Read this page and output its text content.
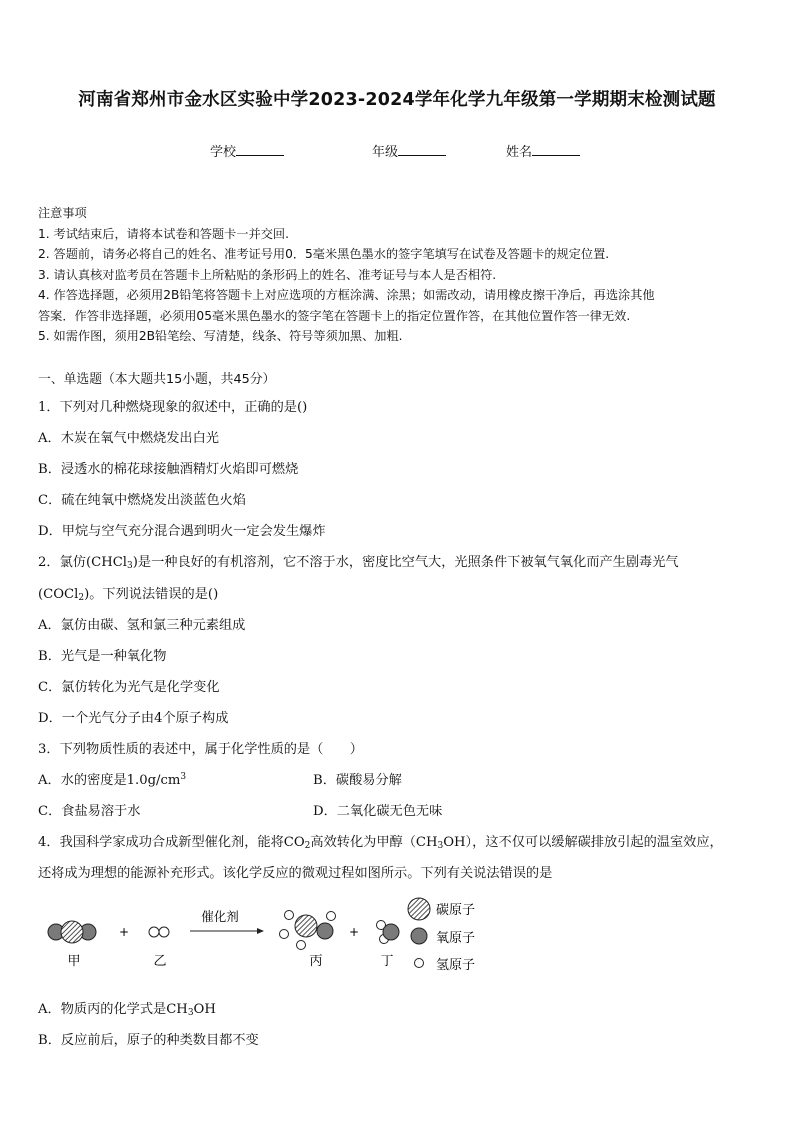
河南省郑州市金水区实验中学2023-2024学年化学九年级第一学期期末检测试题
学校	年级	姓名
注意事项
1. 考试结束后，请将本试卷和答题卡一并交回.
2. 答题前，请务必将自己的姓名、准考证号用0．5毫米黑色墨水的签字笔填写在试卷及答题卡的规定位置.
3. 请认真核对监考员在答题卡上所粘贴的条形码上的姓名、准考证号与本人是否相符.
4. 作答选择题，必须用2B铅笔将答题卡上对应选项的方框涂满、涂黑；如需改动，请用橡皮擦干净后，再选涂其他
答案．作答非选择题，必须用05毫米黑色墨水的签字笔在答题卡上的指定位置作答，在其他位置作答一律无效.
5. 如需作图，须用2B铅笔绘、写清楚，线条、符号等须加黑、加粗.
一、单选题（本大题共15小题，共45分）
1．下列对几种燃烧现象的叙述中，正确的是()
A．木炭在氧气中燃烧发出白光
B．浸透水的棉花球接触酒精灯火焰即可燃烧
C．硫在纯氧中燃烧发出淡蓝色火焰
D．甲烷与空气充分混合遇到明火一定会发生爆炸
2．氯仿(CHCl$_3$)是一种良好的有机溶剂，它不溶于水，密度比空气大，光照条件下被氧气氧化而产生剧毒光气
(COCl$_2$)。下列说法错误的是()
A．氯仿由碳、氢和氯三种元素组成
B．光气是一种氧化物
C．氯仿转化为光气是化学变化
D．一个光气分子由4个原子构成
3．下列物质性质的表述中，属于化学性质的是（　　）
A．水的密度是$1.0g/cm^3$	B．碳酸易分解
C．食盐易溶于水	D．二氧化碳无色无味
4．我国科学家成功合成新型催化剂，能将$CO_2$高效转化为甲醇$(CH_3OH)$，这不仅可以缓解碳排放引起的温室效应，
还将成为理想的能源补充形式。该化学反应的微观过程如图所示。下列有关说法错误的是
+
催化剂
+
甲	乙	丙	丁
碳原子
氧原子
氢原子
A．物质丙的化学式是$CH_3OH$
B．反应前后，原子的种类数目都不变
